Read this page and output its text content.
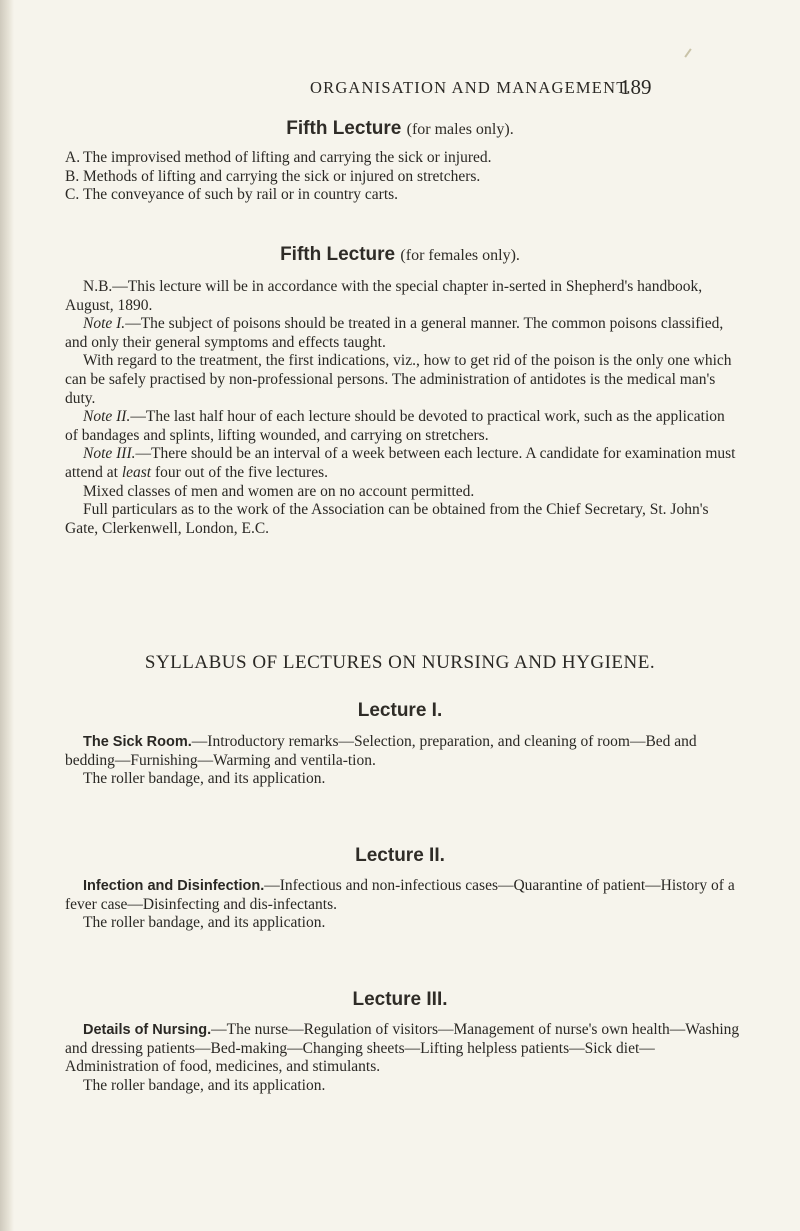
ORGANISATION AND MANAGEMENT.
189
Fifth Lecture (for males only).
A. The improvised method of lifting and carrying the sick or injured.
B. Methods of lifting and carrying the sick or injured on stretchers.
C. The conveyance of such by rail or in country carts.
Fifth Lecture (for females only).

N.B.—This lecture will be in accordance with the special chapter in-serted in Shepherd's handbook, August, 1890.

Note I.—The subject of poisons should be treated in a general manner. The common poisons classified, and only their general symptoms and effects taught.

With regard to the treatment, the first indications, viz., how to get rid of the poison is the only one which can be safely practised by non-professional persons. The administration of antidotes is the medical man's duty.

Note II.—The last half hour of each lecture should be devoted to practical work, such as the application of bandages and splints, lifting wounded, and carrying on stretchers.

Note III.—There should be an interval of a week between each lecture. A candidate for examination must attend at least four out of the five lectures.

Mixed classes of men and women are on no account permitted.

Full particulars as to the work of the Association can be obtained from the Chief Secretary, St. John's Gate, Clerkenwell, London, E.C.

SYLLABUS OF LECTURES ON NURSING AND HYGIENE.
Lecture I.

The Sick Room.—Introductory remarks—Selection, preparation, and cleaning of room—Bed and bedding—Furnishing—Warming and ventila-tion.

The roller bandage, and its application.

Lecture II.

Infection and Disinfection.—Infectious and non-infectious cases—Quarantine of patient—History of a fever case—Disinfecting and dis-infectants.

The roller bandage, and its application.

Lecture III.

Details of Nursing.—The nurse—Regulation of visitors—Management of nurse's own health—Washing and dressing patients—Bed-making—Changing sheets—Lifting helpless patients—Sick diet—Administration of food, medicines, and stimulants.

The roller bandage, and its application.
